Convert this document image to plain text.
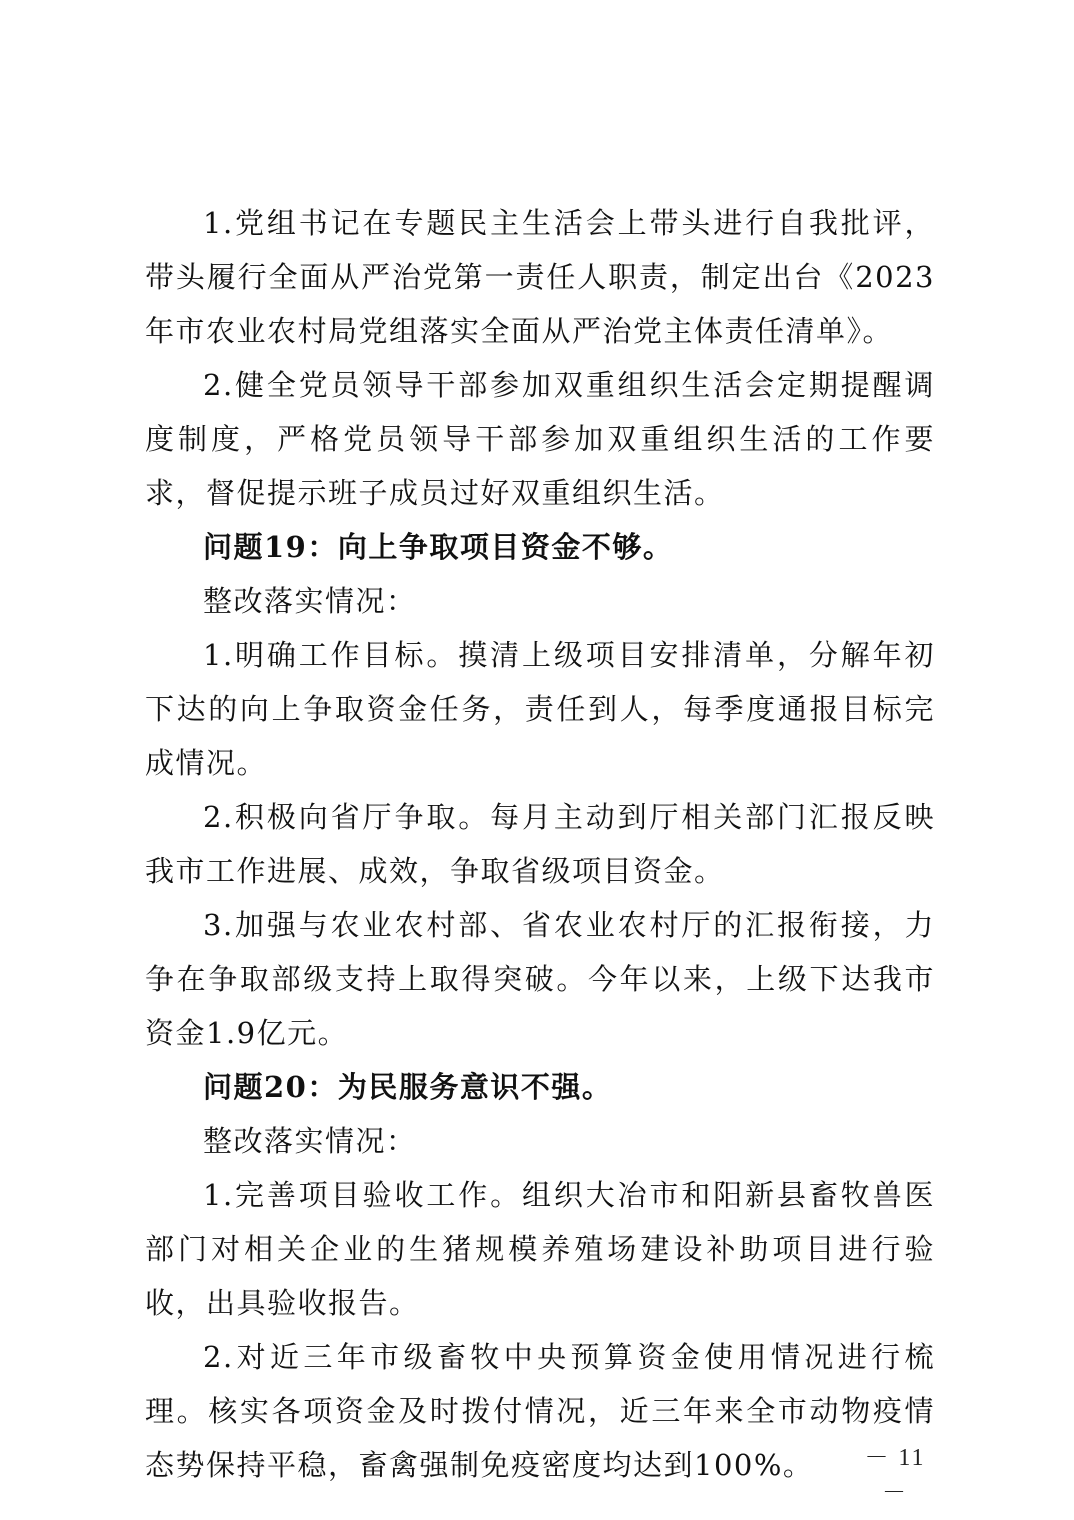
1.党组书记在专题民主生活会上带头进行自我批评，带头履行全面从严治党第一责任人职责，制定出台《2023年市农业农村局党组落实全面从严治党主体责任清单》。

2.健全党员领导干部参加双重组织生活会定期提醒调度制度，严格党员领导干部参加双重组织生活的工作要求，督促提示班子成员过好双重组织生活。

问题19：向上争取项目资金不够。

整改落实情况：

1.明确工作目标。摸清上级项目安排清单，分解年初下达的向上争取资金任务，责任到人，每季度通报目标完成情况。

2.积极向省厅争取。每月主动到厅相关部门汇报反映我市工作进展、成效，争取省级项目资金。

3.加强与农业农村部、省农业农村厅的汇报衔接，力争在争取部级支持上取得突破。今年以来，上级下达我市资金1.9亿元。

问题20：为民服务意识不强。

整改落实情况：

1.完善项目验收工作。组织大冶市和阳新县畜牧兽医部门对相关企业的生猪规模养殖场建设补助项目进行验收，出具验收报告。

2.对近三年市级畜牧中央预算资金使用情况进行梳理。核实各项资金及时拨付情况，近三年来全市动物疫情态势保持平稳，畜禽强制免疫密度均达到100%。	－ 11 －
